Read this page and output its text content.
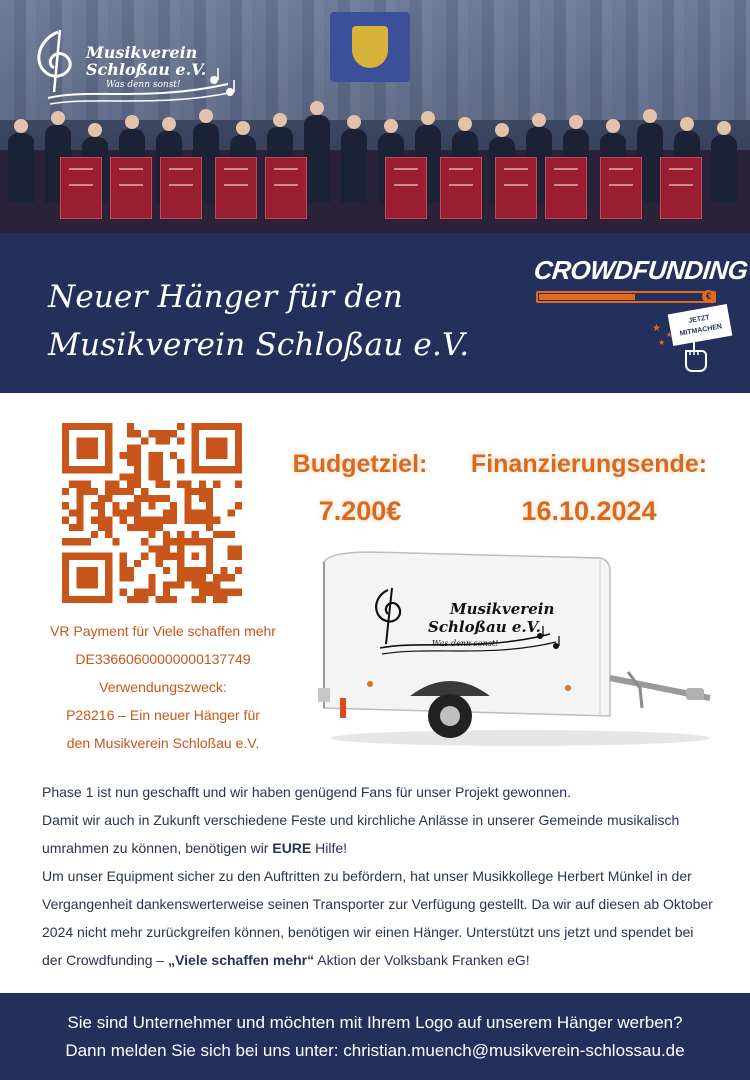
Musikverein
Schloßau e.V.
Was denn sonst!
Neuer Hänger für den
Musikverein Schloßau e.V.
CROWDFUNDING
€
JETZT MITMACHEN
★
★
★
VR Payment für Viele schaffen mehr
DE33660600000000137749
Verwendungszweck:
P28216 – Ein neuer Hänger für
den Musikverein Schloßau e.V.
Budgetziel:
7.200€
Finanzierungsende:
16.10.2024
Musikverein
Schloßau e.V.
Was denn sonst!
Phase 1 ist nun geschafft und wir haben genügend Fans für unser Projekt gewonnen.
Damit wir auch in Zukunft verschiedene Feste und kirchliche Anlässe in unserer Gemeinde musikalisch umrahmen zu können, benötigen wir EURE Hilfe!
Um unser Equipment sicher zu den Auftritten zu befördern, hat unser Musikkollege Herbert Münkel in der Vergangenheit dankenswerterweise seinen Transporter zur Verfügung gestellt. Da wir auf diesen ab Oktober 2024 nicht mehr zurückgreifen können, benötigen wir einen Hänger. Unterstützt uns jetzt und spendet bei der Crowdfunding – „Viele schaffen mehr“ Aktion der Volksbank Franken eG!
Sie sind Unternehmer und möchten mit Ihrem Logo auf unserem Hänger werben?
Dann melden Sie sich bei uns unter: christian.muench@musikverein-schlossau.de
